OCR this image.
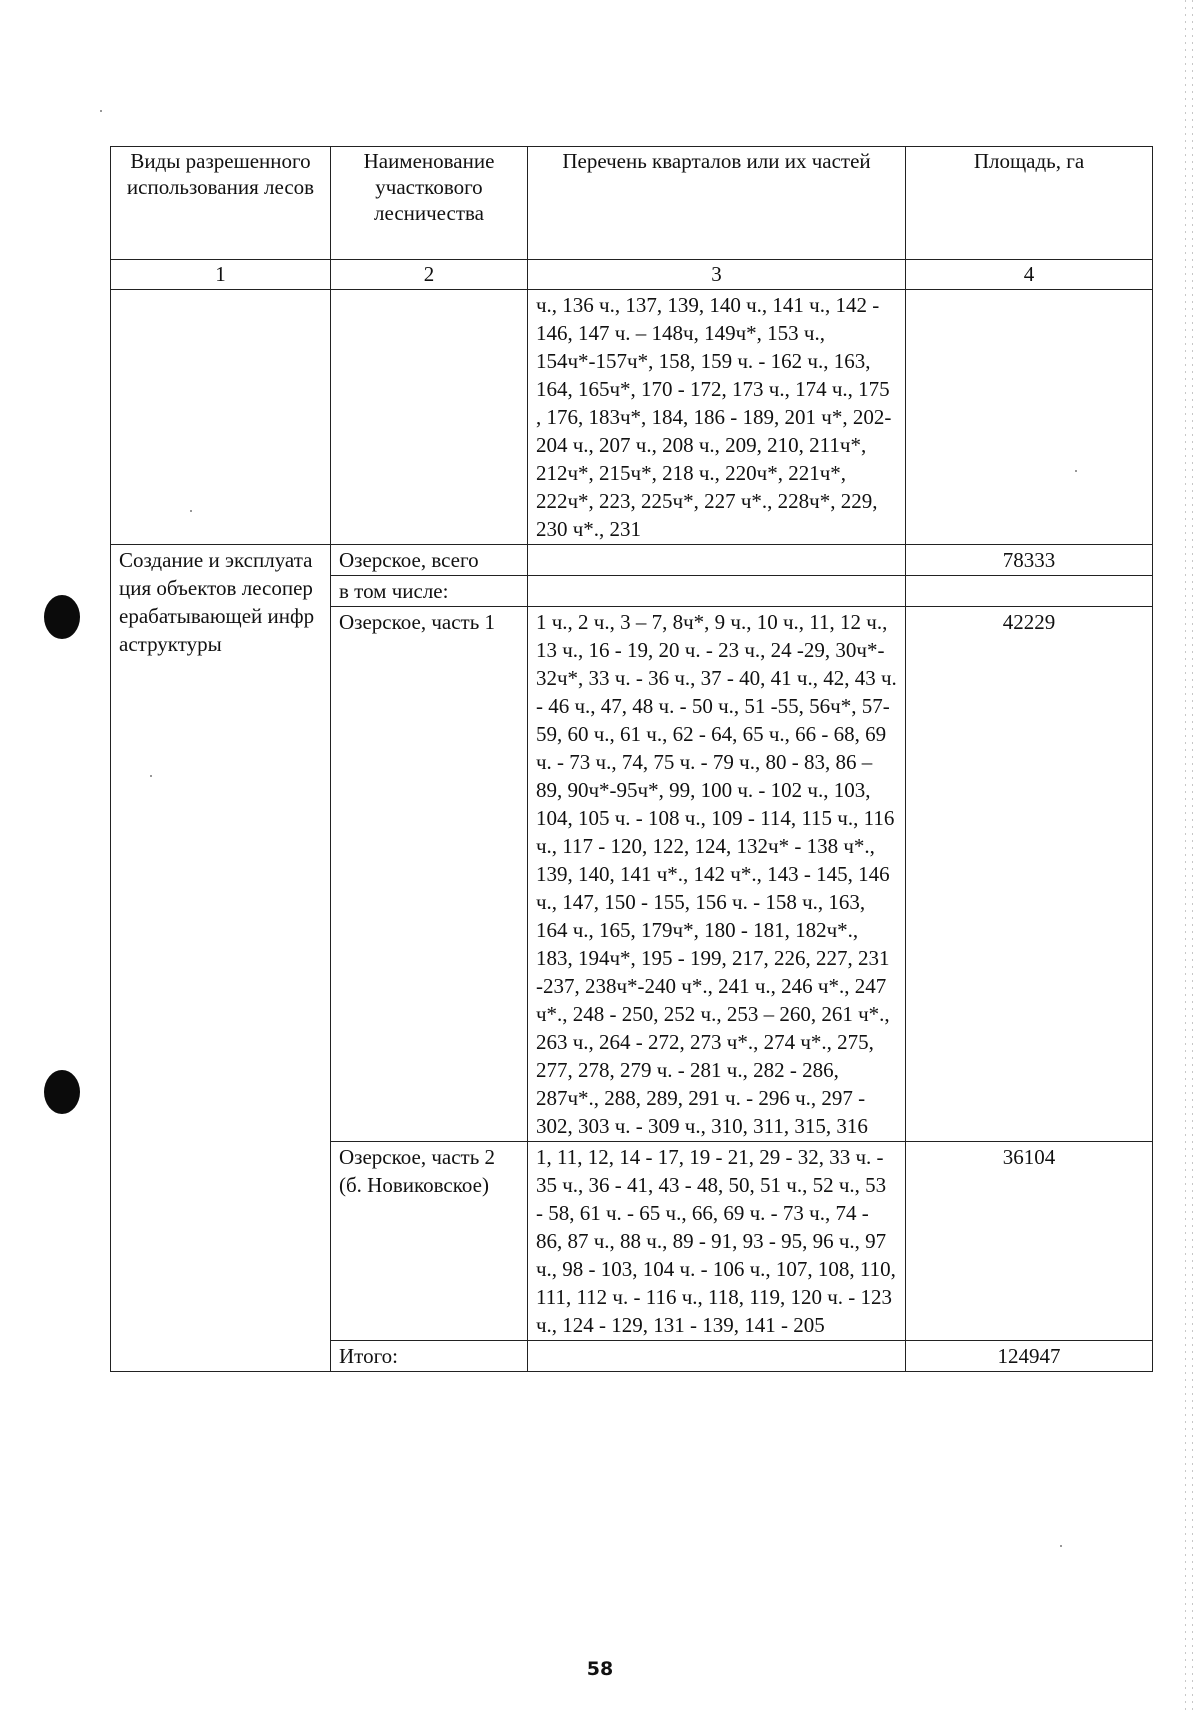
Виды разрешенного использования лесов	Наименование участкового лесничества	Перечень кварталов или их частей	Площадь, га
1	2	3	4
		ч., 136 ч., 137, 139, 140 ч., 141 ч., 142 - 146, 147 ч. – 148ч, 149ч*, 153 ч., 154ч*-157ч*, 158, 159 ч. - 162 ч., 163, 164, 165ч*, 170 - 172, 173 ч., 174 ч., 175 , 176, 183ч*, 184, 186 - 189, 201 ч*, 202- 204 ч., 207 ч., 208 ч., 209, 210, 211ч*, 212ч*, 215ч*, 218 ч., 220ч*, 221ч*, 222ч*, 223, 225ч*, 227 ч*., 228ч*, 229, 230 ч*., 231	
Создание и эксплуатация объектов лесоперерабатывающей инфраструктуры	Озерское, всего		78333
	в том числе:		
	Озерское, часть 1	1 ч., 2 ч., 3 – 7, 8ч*, 9 ч., 10 ч., 11, 12 ч., 13 ч., 16 - 19, 20 ч. - 23 ч., 24 -29, 30ч*- 32ч*, 33 ч. - 36 ч., 37 - 40, 41 ч., 42, 43 ч. - 46 ч., 47, 48 ч. - 50 ч., 51 -55, 56ч*, 57- 59, 60 ч., 61 ч., 62 - 64, 65 ч., 66 - 68, 69 ч. - 73 ч., 74, 75 ч. - 79 ч., 80 - 83, 86 – 89, 90ч*-95ч*, 99, 100 ч. - 102 ч., 103, 104, 105 ч. - 108 ч., 109 - 114, 115 ч., 116 ч., 117 - 120, 122, 124, 132ч* - 138 ч*., 139, 140, 141 ч*., 142 ч*., 143 - 145, 146 ч., 147, 150 - 155, 156 ч. - 158 ч., 163, 164 ч., 165, 179ч*, 180 - 181, 182ч*., 183, 194ч*, 195 - 199, 217, 226, 227, 231 -237, 238ч*-240 ч*., 241 ч., 246 ч*., 247 ч*., 248 - 250, 252 ч., 253 – 260, 261 ч*., 263 ч., 264 - 272, 273 ч*., 274 ч*., 275, 277, 278, 279 ч. - 281 ч., 282 - 286, 287ч*., 288, 289, 291 ч. - 296 ч., 297 - 302, 303 ч. - 309 ч., 310, 311, 315, 316	42229
	Озерское, часть 2 (б. Новиковское)	1, 11, 12, 14 - 17, 19 - 21, 29 - 32, 33 ч. - 35 ч., 36 - 41, 43 - 48, 50, 51 ч., 52 ч., 53 - 58, 61 ч. - 65 ч., 66, 69 ч. - 73 ч., 74 - 86, 87 ч., 88 ч., 89 - 91, 93 - 95, 96 ч., 97 ч., 98 - 103, 104 ч. - 106 ч., 107, 108, 110, 111, 112 ч. - 116 ч., 118, 119, 120 ч. - 123 ч., 124 - 129, 131 - 139, 141 - 205	36104
	Итого:		124947
58
